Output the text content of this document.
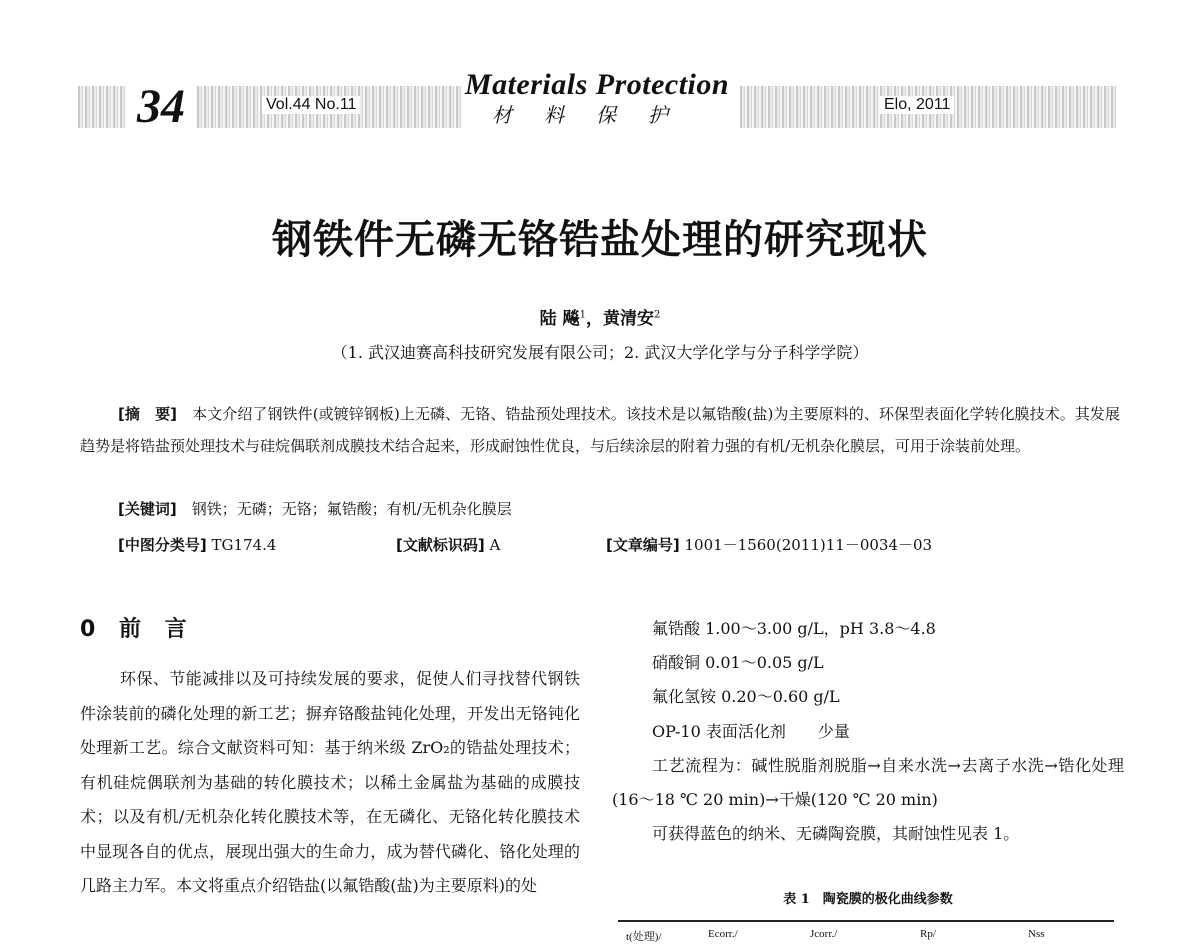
34	Vol.44 No.11
Materials Protection
材料保护	Elo, 2011
钢铁件无磷无铬锆盐处理的研究现状
陆 飚$^1$，黄清安$^2$
（1. 武汉迪赛高科技研究发展有限公司；2. 武汉大学化学与分子科学学院）
[摘　要]　 本文介绍了钢铁件(或镀锌钢板)上无磷、无铬、锆盐预处理技术。该技术是以氟锆酸(盐)为主要原料的、环保型表面化学转化膜技术。其发展趋势是将锆盐预处理技术与硅烷偶联剂成膜技术结合起来，形成耐蚀性优良，与后续涂层的附着力强的有机/无机杂化膜层，可用于涂装前处理。
[关键词]　 钢铁；无磷；无铬；氟锆酸；有机/无机杂化膜层
[中图分类号] TG174.4	[文献标识码] A	[文章编号] 1001－1560(2011)11－0034－03
0 前 言

环保、节能减排以及可持续发展的要求，促使人们寻找替代钢铁件涂装前的磷化处理的新工艺；摒弃铬酸盐钝化处理，开发出无铬钝化处理新工艺。综合文献资料可知：基于纳米级 ZrO₂的锆盐处理技术；有机硅烷偶联剂为基础的转化膜技术；以稀土金属盐为基础的成膜技术；以及有机/无机杂化转化膜技术等，在无磷化、无铬化转化膜技术中显现各自的优点，展现出强大的生命力，成为替代磷化、铬化处理的几路主力军。本文将重点介绍锆盐(以氟锆酸(盐)为主要原料)的处

氟锆酸 1.00～3.00 g/L，pH 3.8～4.8

硝酸铜 0.01～0.05 g/L

氟化氢铵 0.20～0.60 g/L

OP-10 表面活化剂　　少量

工艺流程为：碱性脱脂剂脱脂→自来水洗→去离子水洗→锆化处理(16～18 ℃ 20 min)→干燥(120 ℃ 20 min)

可获得蓝色的纳米、无磷陶瓷膜，其耐蚀性见表 1。

表 1　陶瓷膜的极化曲线参数
t(处理)/	Ecorr./	Jcorr./	Rp/	Nss
